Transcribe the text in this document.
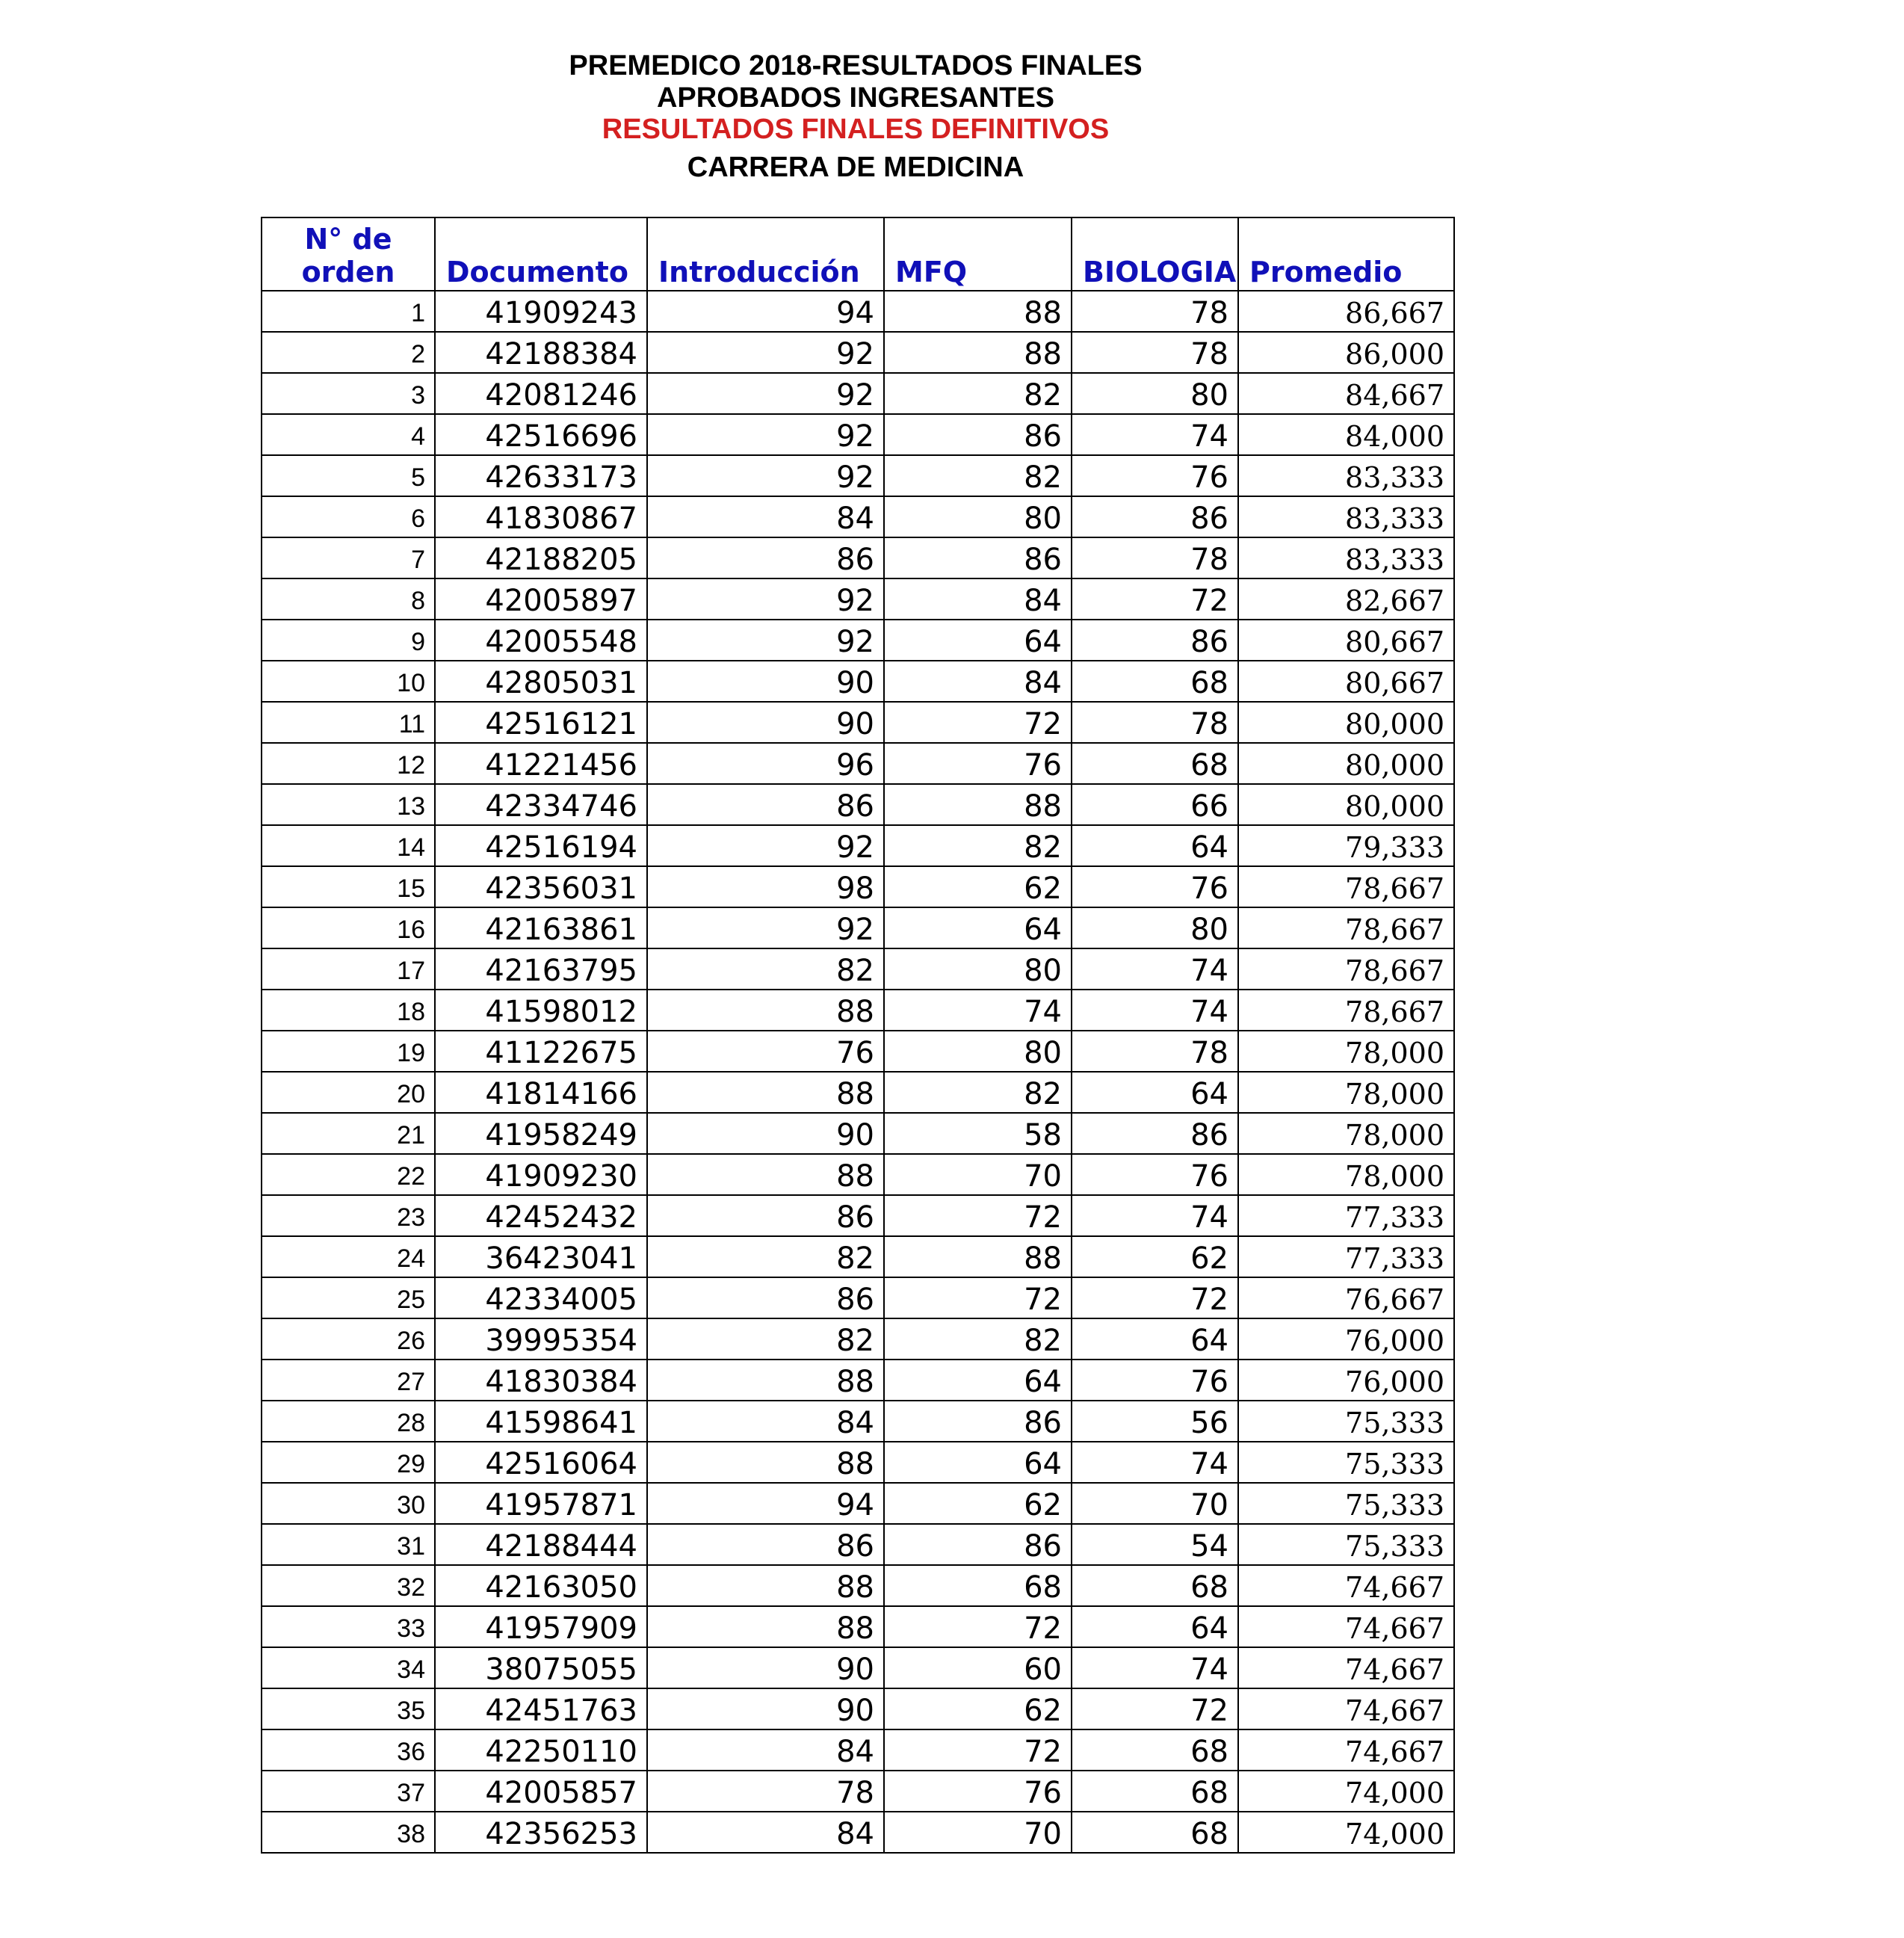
PREMEDICO 2018-RESULTADOS FINALES
APROBADOS INGRESANTES
RESULTADOS FINALES DEFINITIVOS
CARRERA DE MEDICINA
N° de
orden	Documento	Introducción	MFQ	BIOLOGIA	Promedio
1	41909243	94	88	78	86,667
2	42188384	92	88	78	86,000
3	42081246	92	82	80	84,667
4	42516696	92	86	74	84,000
5	42633173	92	82	76	83,333
6	41830867	84	80	86	83,333
7	42188205	86	86	78	83,333
8	42005897	92	84	72	82,667
9	42005548	92	64	86	80,667
10	42805031	90	84	68	80,667
11	42516121	90	72	78	80,000
12	41221456	96	76	68	80,000
13	42334746	86	88	66	80,000
14	42516194	92	82	64	79,333
15	42356031	98	62	76	78,667
16	42163861	92	64	80	78,667
17	42163795	82	80	74	78,667
18	41598012	88	74	74	78,667
19	41122675	76	80	78	78,000
20	41814166	88	82	64	78,000
21	41958249	90	58	86	78,000
22	41909230	88	70	76	78,000
23	42452432	86	72	74	77,333
24	36423041	82	88	62	77,333
25	42334005	86	72	72	76,667
26	39995354	82	82	64	76,000
27	41830384	88	64	76	76,000
28	41598641	84	86	56	75,333
29	42516064	88	64	74	75,333
30	41957871	94	62	70	75,333
31	42188444	86	86	54	75,333
32	42163050	88	68	68	74,667
33	41957909	88	72	64	74,667
34	38075055	90	60	74	74,667
35	42451763	90	62	72	74,667
36	42250110	84	72	68	74,667
37	42005857	78	76	68	74,000
38	42356253	84	70	68	74,000
